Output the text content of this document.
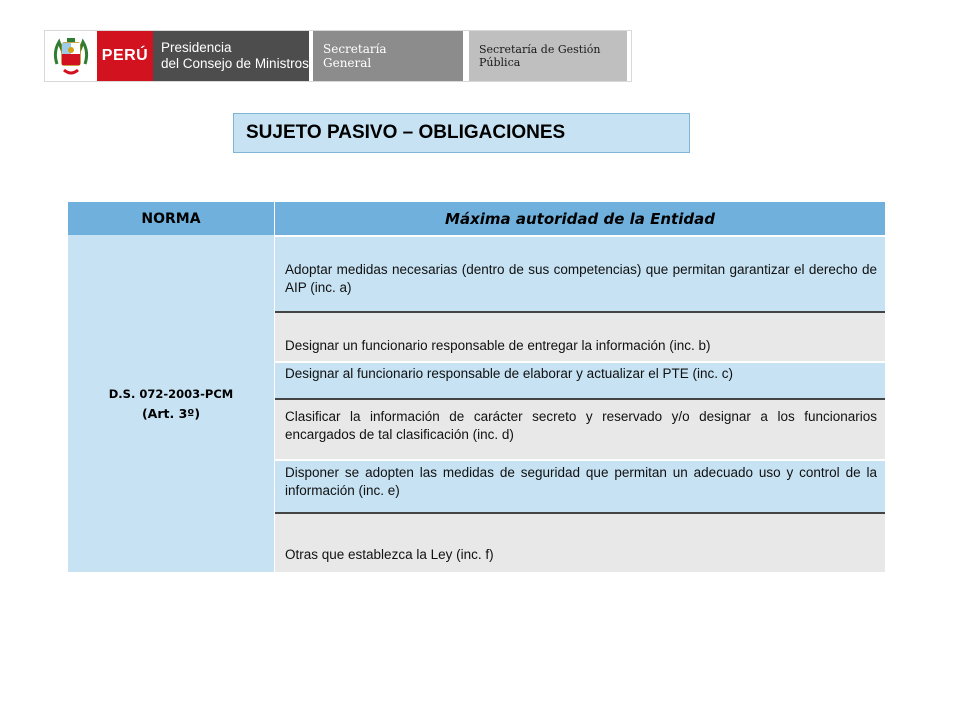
PERÚ Presidencia
del Consejo de Ministros
Secretaría
General
Secretaría de Gestión
Pública
SUJETO PASIVO – OBLIGACIONES
NORMA	Máxima autoridad de la Entidad
D.S. 072-2003-PCM
(Art. 3º)
Adoptar medidas necesarias (dentro de sus competencias) que permitan garantizar el derecho de AIP (inc. a)
Designar un funcionario responsable de entregar la información (inc. b)
Designar al funcionario responsable de elaborar y actualizar el PTE (inc. c)
Clasificar la información de carácter secreto y reservado y/o designar a los funcionarios encargados de tal clasificación (inc. d)
Disponer se adopten las medidas de seguridad que permitan un adecuado uso y control de la información (inc. e)
Otras que establezca la Ley (inc. f)
